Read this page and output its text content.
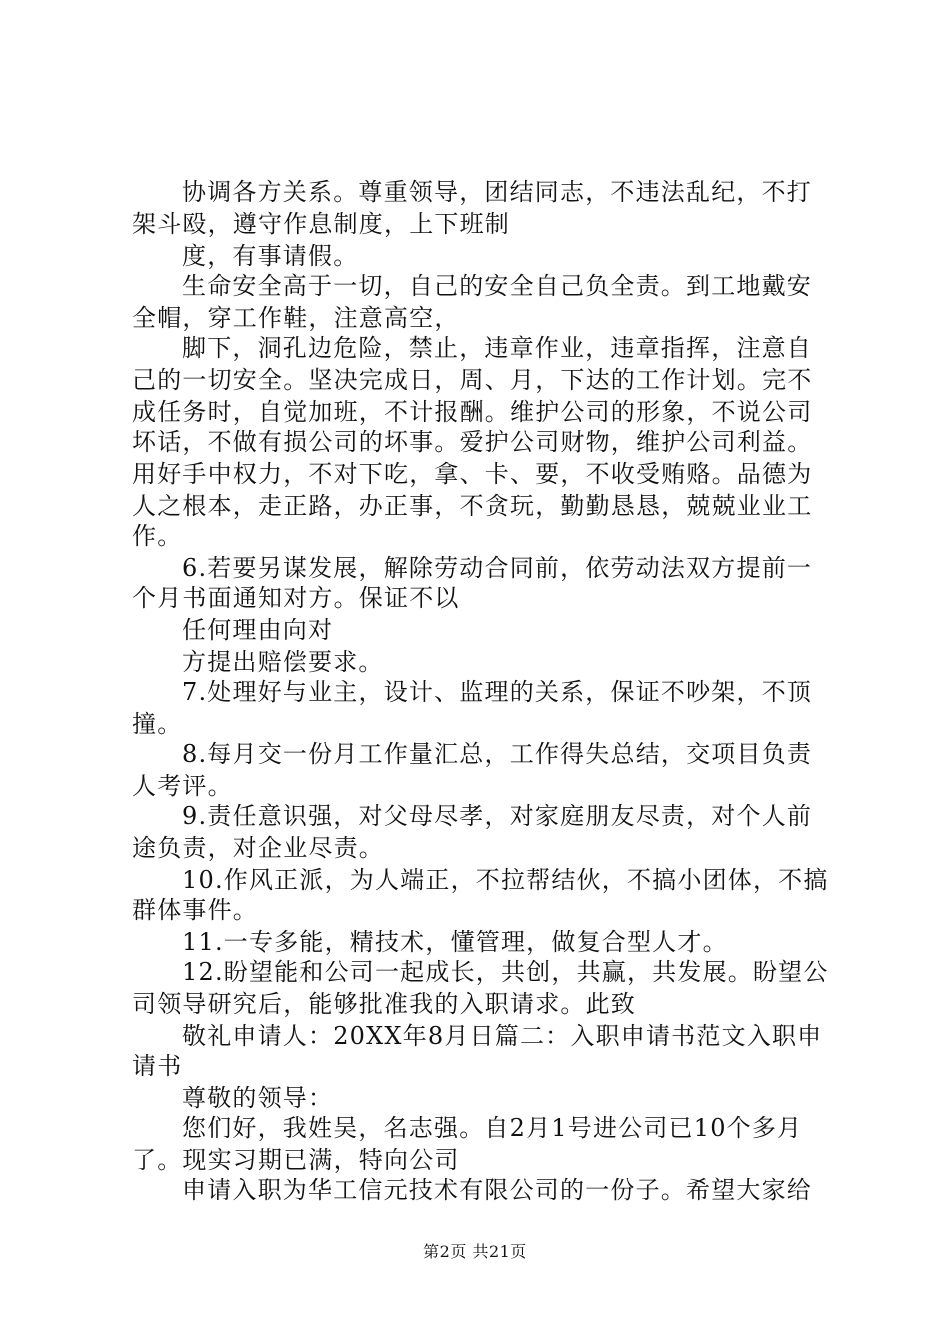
协调各方关系。尊重领导，团结同志，不违法乱纪，不打
架斗殴，遵守作息制度，上下班制
度，有事请假。
生命安全高于一切，自己的安全自己负全责。到工地戴安
全帽，穿工作鞋，注意高空，
脚下，洞孔边危险，禁止，违章作业，违章指挥，注意自
己的一切安全。坚决完成日，周、月，下达的工作计划。完不
成任务时，自觉加班，不计报酬。维护公司的形象，不说公司
坏话，不做有损公司的坏事。爱护公司财物，维护公司利益。
用好手中权力，不对下吃，拿、卡、要，不收受贿赂。品德为
人之根本，走正路，办正事，不贪玩，勤勤恳恳，兢兢业业工
作。
6.若要另谋发展，解除劳动合同前，依劳动法双方提前一
个月书面通知对方。保证不以
任何理由向对
方提出赔偿要求。
7.处理好与业主，设计、监理的关系，保证不吵架，不顶
撞。
8.每月交一份月工作量汇总，工作得失总结，交项目负责
人考评。
9.责任意识强，对父母尽孝，对家庭朋友尽责，对个人前
途负责，对企业尽责。
10.作风正派，为人端正，不拉帮结伙，不搞小团体，不搞
群体事件。
11.一专多能，精技术，懂管理，做复合型人才。
12.盼望能和公司一起成长，共创，共赢，共发展。盼望公
司领导研究后，能够批准我的入职请求。此致
敬礼申请人：20XX年8月日篇二：入职申请书范文入职申
请书
尊敬的领导：
您们好，我姓吴，名志强。自2月1号进公司已10个多月
了。现实习期已满，特向公司
申请入职为华工信元技术有限公司的一份子。希望大家给
第2页 共21页
